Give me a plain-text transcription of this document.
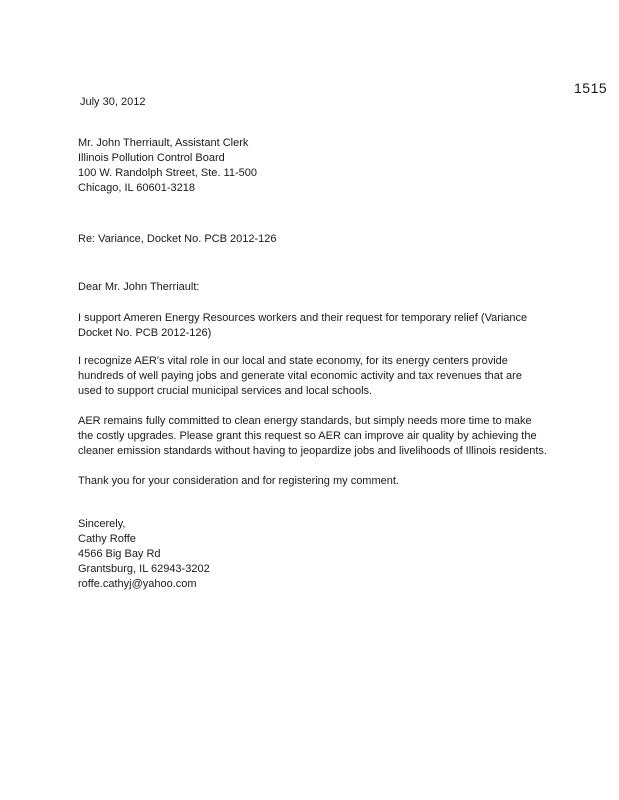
1515
July 30, 2012
Mr. John Therriault, Assistant Clerk
Illinois Pollution Control Board
100 W. Randolph Street, Ste. 11-500
Chicago, IL 60601-3218
Re: Variance, Docket No. PCB 2012-126
Dear Mr. John Therriault:
I support Ameren Energy Resources workers and their request for temporary relief (Variance
Docket No. PCB 2012-126)
I recognize AER's vital role in our local and state economy, for its energy centers provide
hundreds of well paying jobs and generate vital economic activity and tax revenues that are
used to support crucial municipal services and local schools.
AER remains fully committed to clean energy standards, but simply needs more time to make
the costly upgrades. Please grant this request so AER can improve air quality by achieving the
cleaner emission standards without having to jeopardize jobs and livelihoods of Illinois residents.
Thank you for your consideration and for registering my comment.
Sincerely,
Cathy Roffe
4566 Big Bay Rd
Grantsburg, IL 62943-3202
roffe.cathyj@yahoo.com
